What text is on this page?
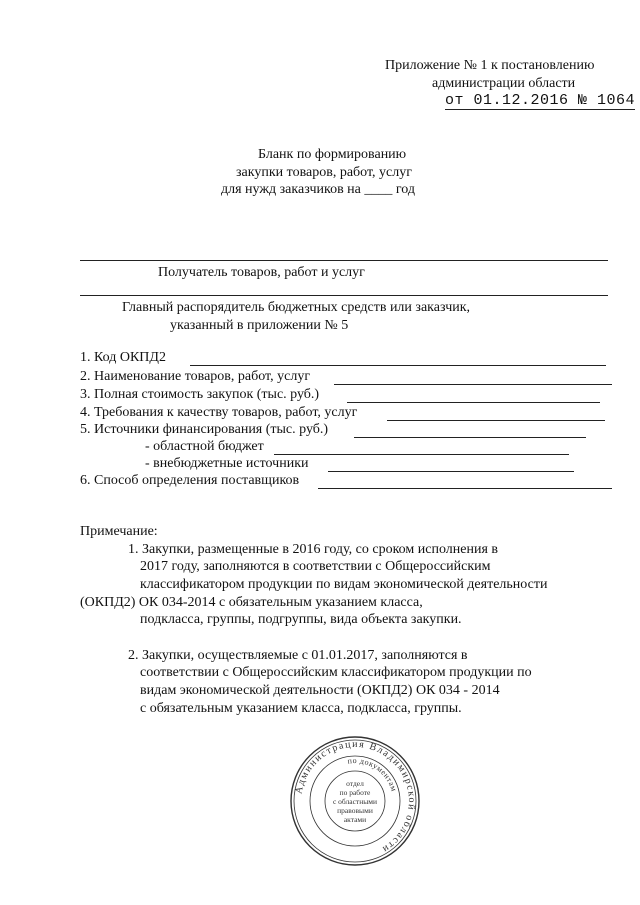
Приложение № 1 к постановлению
администрации области
от 01.12.2016 № 1064
Бланк по формированию
закупки товаров, работ, услуг
для нужд заказчиков на ____ год
Получатель товаров, работ и услуг
Главный распорядитель бюджетных средств или заказчик,
указанный в приложении № 5
1. Код ОКПД2
2. Наименование товаров, работ, услуг
3. Полная стоимость закупок (тыс. руб.)
4. Требования к качеству товаров, работ, услуг
5. Источники финансирования (тыс. руб.)
- областной бюджет
- внебюджетные источники
6. Способ определения поставщиков
Примечание:
1. Закупки, размещенные в 2016 году, со сроком исполнения в
2017 году, заполняются в соответствии с Общероссийским
классификатором продукции по видам экономической деятельности
(ОКПД2) ОК 034-2014 с обязательным указанием класса,
подкласса, группы, подгруппы, вида объекта закупки.
2. Закупки, осуществляемые с 01.01.2017, заполняются в
соответствии с Общероссийским классификатором продукции по
видам экономической деятельности (ОКПД2) ОК 034 - 2014
с обязательным указанием класса, подкласса, группы.
Администрация Владимирской области
по документам
отдел
по работе
с областными
правовыми
актами
